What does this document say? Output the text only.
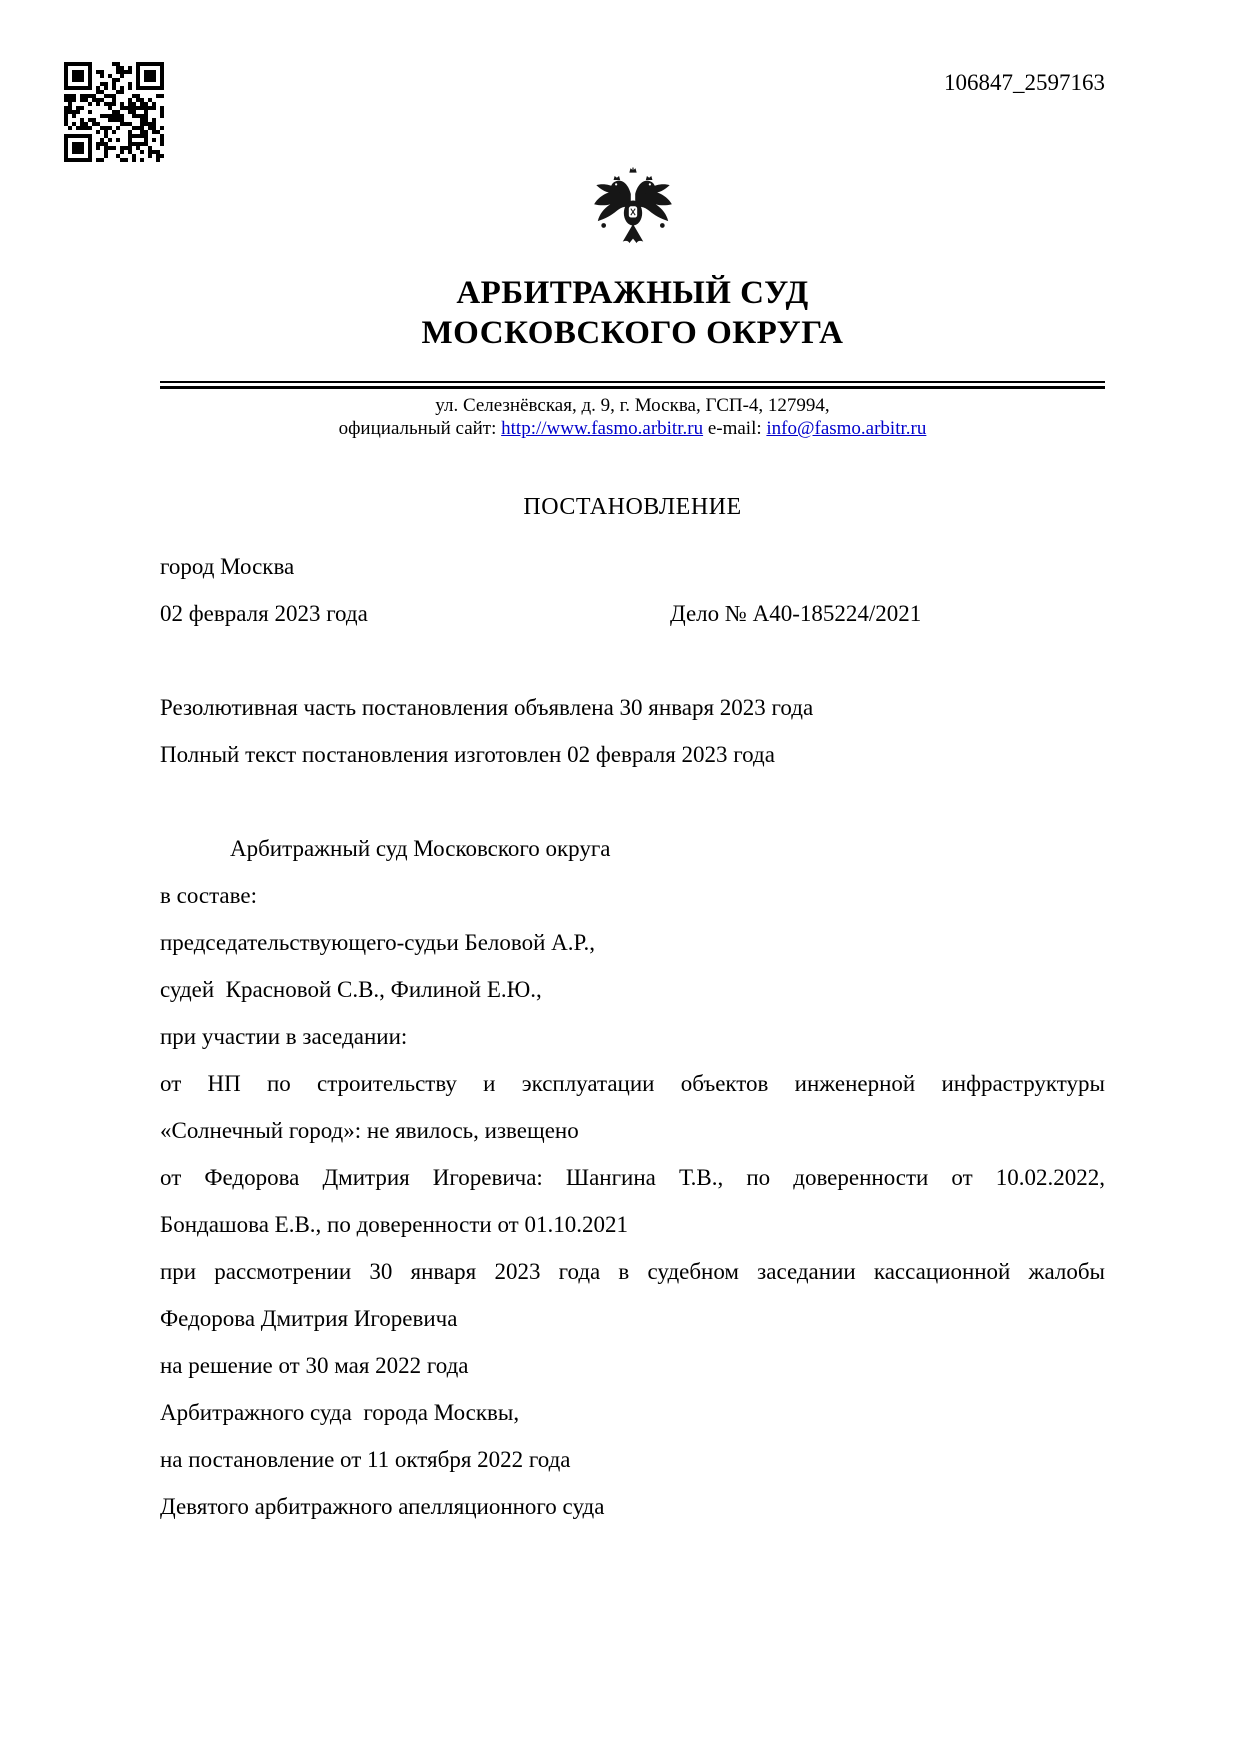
106847_2597163
АРБИТРАЖНЫЙ СУД
МОСКОВСКОГО ОКРУГА
ул. Селезнёвская, д. 9, г. Москва, ГСП-4, 127994,
официальный сайт: http://www.fasmo.arbitr.ru e-mail: info@fasmo.arbitr.ru
ПОСТАНОВЛЕНИЕ
город Москва
02 февраля 2023 года	Дело № А40-185224/2021
Резолютивная часть постановления объявлена 30 января 2023 года
Полный текст постановления изготовлен 02 февраля 2023 года
Арбитражный суд Московского округа
в составе:
председательствующего-судьи Беловой А.Р.,
судей  Красновой С.В., Филиной Е.Ю.,
при участии в заседании:
от НП по строительству и эксплуатации объектов инженерной инфраструктуры
«Солнечный город»: не явилось, извещено
от Федорова Дмитрия Игоревича: Шангина Т.В., по доверенности от 10.02.2022,
Бондашова Е.В., по доверенности от 01.10.2021
при рассмотрении 30 января 2023 года в судебном заседании кассационной жалобы
Федорова Дмитрия Игоревича
на решение от 30 мая 2022 года
Арбитражного суда  города Москвы,
на постановление от 11 октября 2022 года
Девятого арбитражного апелляционного суда
